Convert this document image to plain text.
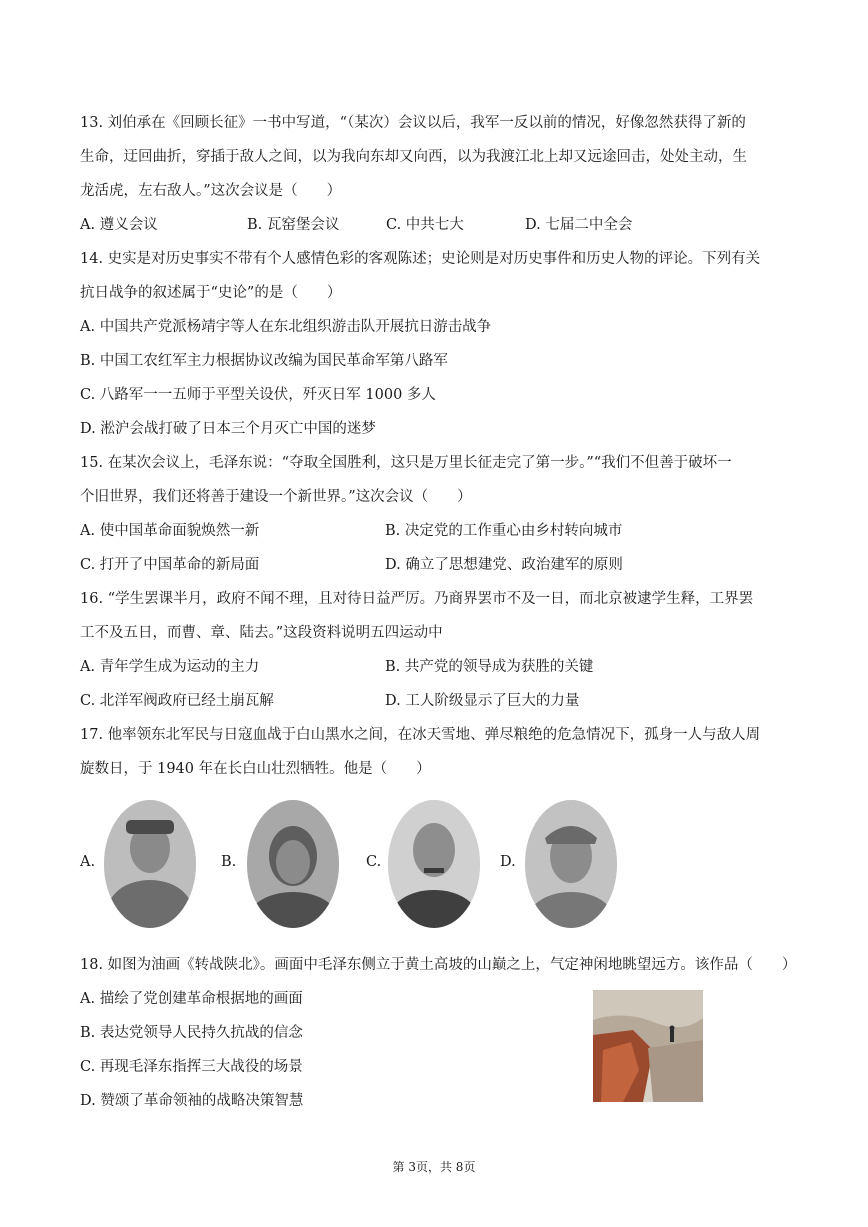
13. 刘伯承在《回顾长征》一书中写道，“（某次）会议以后，我军一反以前的情况，好像忽然获得了新的
生命，迂回曲折，穿插于敌人之间，以为我向东却又向西，以为我渡江北上却又远途回击，处处主动，生
龙活虎，左右敌人。”这次会议是（　　）
A. 遵义会议	B. 瓦窑堡会议	C. 中共七大	D. 七届二中全会
14. 史实是对历史事实不带有个人感情色彩的客观陈述；史论则是对历史事件和历史人物的评论。下列有关
抗日战争的叙述属于“史论”的是（　　）
A. 中国共产党派杨靖宇等人在东北组织游击队开展抗日游击战争
B. 中国工农红军主力根据协议改编为国民革命军第八路军
C. 八路军一一五师于平型关设伏，歼灭日军 1000 多人
D. 淞沪会战打破了日本三个月灭亡中国的迷梦
15. 在某次会议上，毛泽东说：“夺取全国胜利，这只是万里长征走完了第一步。”“我们不但善于破坏一
个旧世界，我们还将善于建设一个新世界。”这次会议（　　）
A. 使中国革命面貌焕然一新	B. 决定党的工作重心由乡村转向城市
C. 打开了中国革命的新局面	D. 确立了思想建党、政治建军的原则
16. “学生罢课半月，政府不闻不理，且对待日益严厉。乃商界罢市不及一日，而北京被逮学生释，工界罢
工不及五日，而曹、章、陆去。”这段资料说明五四运动中
A. 青年学生成为运动的主力	B. 共产党的领导成为获胜的关键
C. 北洋军阀政府已经土崩瓦解	D. 工人阶级显示了巨大的力量
17. 他率领东北军民与日寇血战于白山黑水之间，在冰天雪地、弹尽粮绝的危急情况下，孤身一人与敌人周
旋数日，于 1940 年在长白山壮烈牺牲。他是（　　）
A.	B.	C.	D.
18. 如图为油画《转战陕北》。画面中毛泽东侧立于黄土高坡的山巅之上，气定神闲地眺望远方。该作品（　　）
A. 描绘了党创建革命根据地的画面
B. 表达党领导人民持久抗战的信念
C. 再现毛泽东指挥三大战役的场景
D. 赞颂了革命领袖的战略决策智慧
第 3页，共 8页
